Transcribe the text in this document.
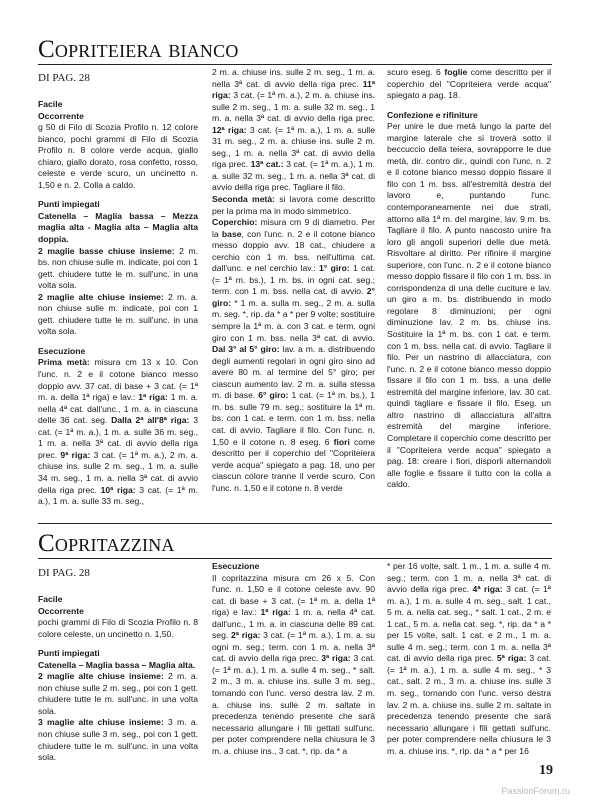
Copriteiera bianco

DI PAG. 28

Facile

Occorrente

g 50 di Filo di Scozia Profilo n. 12 colore bianco, pochi grammi di Filo di Scozia Profilo n. 8 colore verde acqua, giallo chiaro, giallo dorato, rosa confetto, rosso, celeste e verde scuro, un uncinetto n. 1,50 e n. 2. Colla a caldo.

Punti impiegati

Catenella – Maglia bassa – Mezza maglia alta - Maglia alta – Maglia alta doppia.

2 maglie basse chiuse insieme: 2 m. bs. non chiuse sulle m. indicate, poi con 1 gett. chiudere tutte le m. sull'unc. in una volta sola.

2 maglie alte chiuse insieme: 2 m. a. non chiuse sulle m. indicate, poi con 1 gett. chiudere tutte le m. sull'unc. in una volta sola.

Esecuzione

Prima metà: misura cm 13 x 10. Con l'unc. n. 2 e il cotone bianco messo doppio avv. 37 cat. di base + 3 cat. (= 1ª m. a. della 1ª riga) e lav.: 1ª riga: 1 m. a. nella 4ª cat. dall'unc., 1 m. a. in ciascuna delle 36 cat. seg. Dalla 2ª all'8ª riga: 3 cat. (= 1ª m. a.), 1 m. a. sulle 36 m. seg., 1 m. a. nella 3ª cat. di avvio della riga prec. 9ª riga: 3 cat. (= 1ª m. a.), 2 m. a. chiuse ins. sulle 2 m. seg., 1 m. a. sulle 34 m. seg., 1 m. a. nella 3ª cat. di avvio della riga prec. 10ª riga: 3 cat. (= 1ª m. a.), 1 m. a. sulle 33 m. seg.,

2 m. a. chiuse ins. sulle 2 m. seg., 1 m. a. nella 3ª cat. di avvio della riga prec. 11ª riga: 3 cat. (= 1ª m. a.), 2 m. a. chiuse ins. sulle 2 m. seg., 1 m. a. sulle 32 m. seg., 1 m. a. nella 3ª cat. di avvio della riga prec. 12ª riga: 3 cat. (= 1ª m. a.), 1 m. a. sulle 31 m. seg., 2 m. a. chiuse ins. sulle 2 m. seg., 1 m. a. nella 3ª cat. di avvio della riga prec. 13ª cat.: 3 cat. (= 1ª m. a.), 1 m. a. sulle 32 m. seg., 1 m. a. nella 3ª cat. di avvio della riga prec. Tagliare il filo.

Seconda metà: si lavora come descritto per la prima ma in modo simmetrico.

Coperchio: misura cm 9 di diametro. Per la base, con l'unc. n. 2 e il cotone bianco messo doppio avv. 18 cat., chiudere a cerchio con 1 m. bss. nell'ultima cat. dall'unc. e nel cerchio lav.: 1° giro: 1 cat. (= 1ª m. bs.), 1 m. bs. in ogni cat. seg.; term. con 1 m. bss. nella cat. di avvio. 2° giro: * 1 m. a. sulla m. seg., 2 m. a. sulla m. seg. *, rip. da * a * per 9 volte; sostituire sempre la 1ª m. a. con 3 cat. e term. ogni giro con 1 m. bss. nella 3ª cat. di avvio. Dal 3° al 5° giro: lav. a m. a. distribuendo degli aumenti regolari in ogni giro sino ad avere 80 m. al termine del 5° giro; per ciascun aumento lav. 2 m. a. sulla stessa m. di base. 6° giro: 1 cat. (= 1ª m. bs.), 1 m. bs. sulle 79 m. seg.; sostituire la 1ª m. bs. con 1 cat. e term. con 1 m. bss. nella cat. di avvio. Tagliare il filo. Con l'unc. n. 1,50 e il cotone n. 8 eseg. 6 fiori come descritto per il coperchio del "Copriteiera verde acqua" spiegato a pag. 18, uno per ciascun colore tranne il verde scuro. Con l'unc. n. 1,50 e il cotone n. 8 verde

scuro eseg. 6 foglie come descritto per il coperchio del "Copriteiera verde acqua" spiegato a pag. 18.

Confezione e rifiniture

Per unire le due metà lungo la parte del margine laterale che si troverà sotto il beccuccio della teiera, sovrapporre le due metà, dir. contro dir., quindi con l'unc. n. 2 e il cotone bianco messo doppio fissare il filo con 1 m. bss. all'estremità destra del lavoro e, puntando l'unc. contemporaneamente nei due strati, attorno alla 1ª m. del margine, lav. 9 m. bs. Tagliare il filo. A punto nascosto unire fra loro gli angoli superiori delle due metà. Risvoltare al diritto. Per rifinire il margine superiore, con l'unc. n. 2 e il cotone bianco messo doppio fissare il filo con 1 m. bss. in corrispondenza di una delle cuciture e lav. un giro a m. bs. distribuendo in modo regolare 8 diminuzioni; per ogni diminuzione lav. 2 m. bs. chiuse ins. Sostituire la 1ª m. bs. con 1 cat. e term. con 1 m. bss. nella cat. di avvio. Tagliare il filo. Per un nastrino di allacciatura, con l'unc. n. 2 e il cotone bianco messo doppio fissare il filo con 1 m. bss. a una delle estremità del margine inferiore, lav. 30 cat. quindi tagliare e fissare il filo. Eseg. un altro nastrino di allacciatura all'altra estremità del margine inferiore. Completare il coperchio come descritto per il "Copriteiera verde acqua" spiegato a pag. 18: creare i fiori, disporli alternandoli alle foglie e fissare il tutto con la colla a caldo.

Copritazzina

DI PAG. 28

Facile

Occorrente

pochi grammi di Filo di Scozia Profilo n. 8 colore celeste, un uncinetto n. 1,50.

Punti impiegati

Catenella – Maglia bassa – Maglia alta.

2 maglie alte chiuse insieme: 2 m. a. non chiuse sulle 2 m. seg., poi con 1 gett. chiudere tutte le m. sull'unc. in una volta sola.

3 maglie alte chiuse insieme: 3 m. a. non chiuse sulle 3 m. seg., poi con 1 gett. chiudere tutte le m. sull'unc. in una volta sola.

Esecuzione

Il copritazzina misura cm 26 x 5. Con l'unc. n. 1,50 e il cotone celeste avv. 90 cat. di base + 3 cat. (= 1ª m. a. della 1ª riga) e lav.: 1ª riga: 1 m. a. nella 4ª cat. dall'unc., 1 m. a. in ciascuna delle 89 cat. seg. 2ª riga: 3 cat. (= 1ª m. a.), 1 m. a. su ogni m. seg.; term. con 1 m. a. nella 3ª cat. di avvio della riga prec. 3ª riga: 3 cat. (= 1ª m. a.), 1 m. a. sulle 4 m. seg., * salt. 2 m., 3 m. a. chiuse ins. sulle 3 m. seg., tornando con l'unc. verso destra lav. 2 m. a. chiuse ins. sulle 2 m. saltate in precedenza tenendo presente che sarà necessario allungare i fili gettati sull'unc. per poter comprendere nella chiusura le 3 m. a. chiuse ins., 3 cat. *, rip. da * a

* per 16 volte, salt. 1 m., 1 m. a. sulle 4 m. seg.; term. con 1 m. a. nella 3ª cat. di avvio della riga prec. 4ª riga: 3 cat. (= 1ª m. a.), 1 m. a. sulle 4 m. seg., salt. 1 cat., 5 m. a. nella cat. seg., * salt. 1 cat., 2 m. e 1 cat., 5 m. a. nella cat. seg. *, rip. da * a * per 15 volte, salt. 1 cat. e 2 m., 1 m. a. sulle 4 m. seg.; term. con 1 m. a. nella 3ª cat. di avvio della riga prec. 5ª riga: 3 cat. (= 1ª m. a.), 1 m. a. sulle 4 m. seg., * 3 cat., salt. 2 m., 3 m. a. chiuse ins. sulle 3 m. seg., tornando con l'unc. verso destra lav. 2 m. a. chiuse ins. sulle 2 m. saltate in precedenza tenendo presente che sarà necessario allungare i fili gettati sull'unc. per poter comprendere nella chiusura le 3 m. a. chiuse ins. *, rip. da * a * per 16

19
PassionForum.ru
